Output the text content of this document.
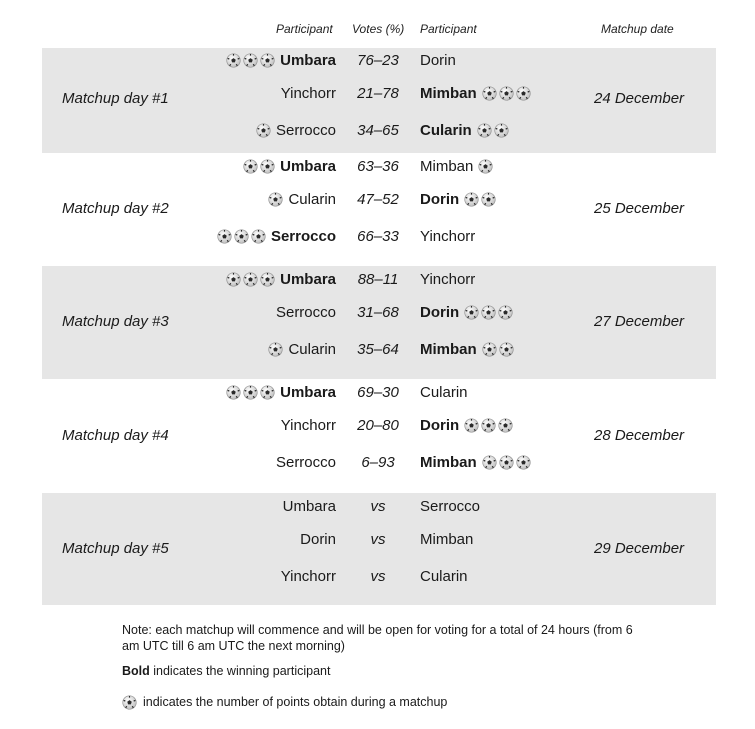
Participant Votes (%) Participant	Matchup date
Matchup day #1	24 December
Umbara	76–23	Dorin
Yinchorr	21–78	Mimban
Serrocco	34–65	Cularin
Matchup day #2	25 December
Umbara	63–36	Mimban
Cularin	47–52	Dorin
Serrocco	66–33	Yinchorr
Matchup day #3	27 December
Umbara	88–11	Yinchorr
Serrocco	31–68	Dorin
Cularin	35–64	Mimban
Matchup day #4	28 December
Umbara	69–30	Cularin
Yinchorr	20–80	Dorin
Serrocco	6–93	Mimban
Matchup day #5	29 December
Umbara	vs	Serrocco
Dorin	vs	Mimban
Yinchorr	vs	Cularin
Note: each matchup will commence and will be open for voting for a total of 24 hours (from 6 am UTC till 6 am UTC the next morning)
Bold indicates the winning participant
indicates the number of points obtain during a matchup
